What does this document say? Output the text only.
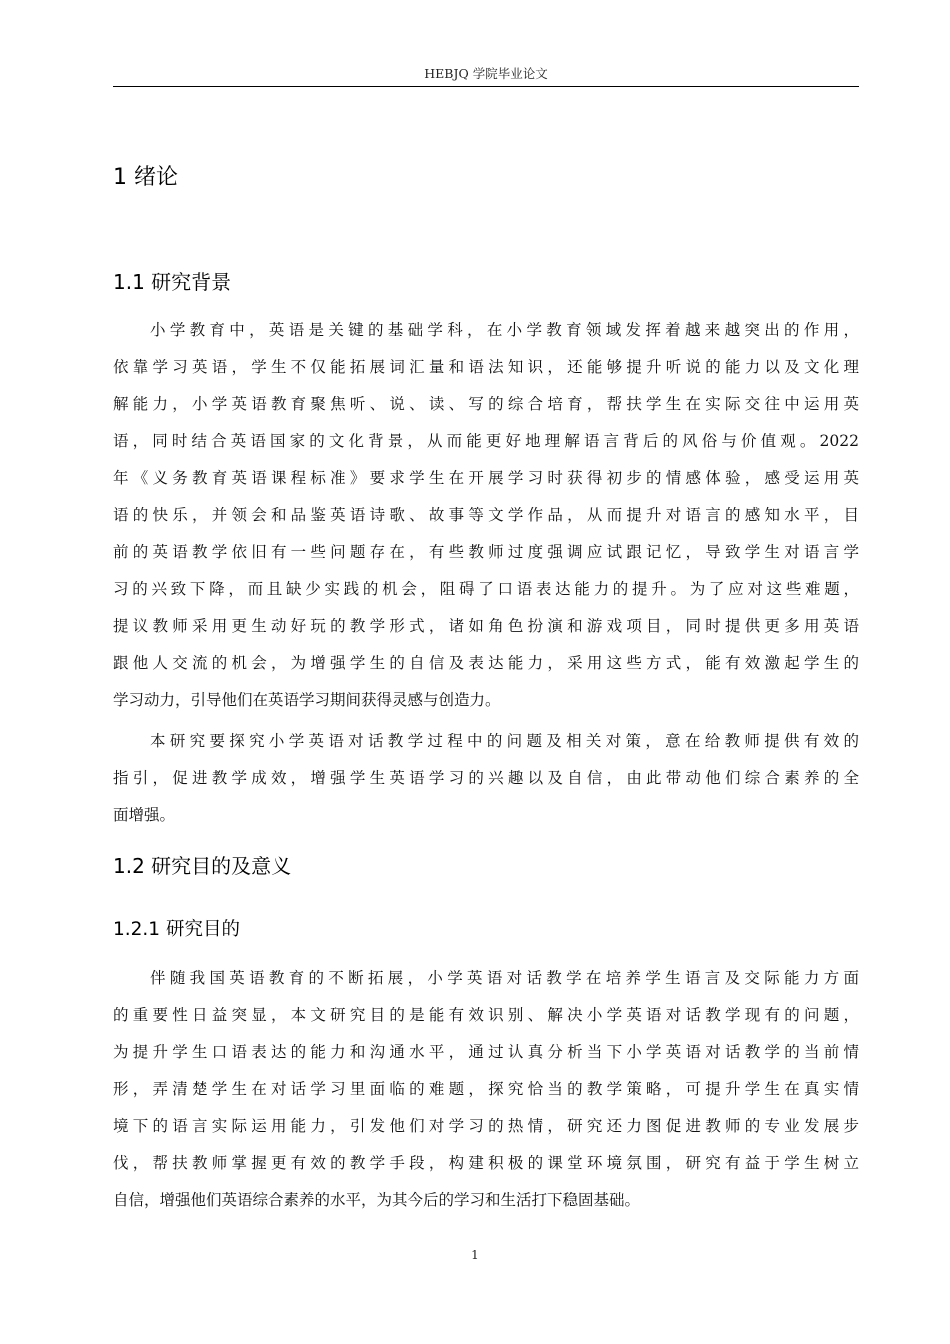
HEBJQ 学院毕业论文
1 绪论
1.1 研究背景
小学教育中，英语是关键的基础学科，在小学教育领域发挥着越来越突出的作用，
依靠学习英语，学生不仅能拓展词汇量和语法知识，还能够提升听说的能力以及文化理
解能力，小学英语教育聚焦听、说、读、写的综合培育，帮扶学生在实际交往中运用英
语，同时结合英语国家的文化背景，从而能更好地理解语言背后的风俗与价值观。2022
年《义务教育英语课程标准》要求学生在开展学习时获得初步的情感体验，感受运用英
语的快乐，并领会和品鉴英语诗歌、故事等文学作品，从而提升对语言的感知水平，目
前的英语教学依旧有一些问题存在，有些教师过度强调应试跟记忆，导致学生对语言学
习的兴致下降，而且缺少实践的机会，阻碍了口语表达能力的提升。为了应对这些难题，
提议教师采用更生动好玩的教学形式，诸如角色扮演和游戏项目，同时提供更多用英语
跟他人交流的机会，为增强学生的自信及表达能力，采用这些方式，能有效激起学生的
学习动力，引导他们在英语学习期间获得灵感与创造力。
本研究要探究小学英语对话教学过程中的问题及相关对策，意在给教师提供有效的
指引，促进教学成效，增强学生英语学习的兴趣以及自信，由此带动他们综合素养的全
面增强。
1.2 研究目的及意义
1.2.1 研究目的
伴随我国英语教育的不断拓展，小学英语对话教学在培养学生语言及交际能力方面
的重要性日益突显，本文研究目的是能有效识别、解决小学英语对话教学现有的问题，
为提升学生口语表达的能力和沟通水平，通过认真分析当下小学英语对话教学的当前情
形，弄清楚学生在对话学习里面临的难题，探究恰当的教学策略，可提升学生在真实情
境下的语言实际运用能力，引发他们对学习的热情，研究还力图促进教师的专业发展步
伐，帮扶教师掌握更有效的教学手段，构建积极的课堂环境氛围，研究有益于学生树立
自信，增强他们英语综合素养的水平，为其今后的学习和生活打下稳固基础。
1
